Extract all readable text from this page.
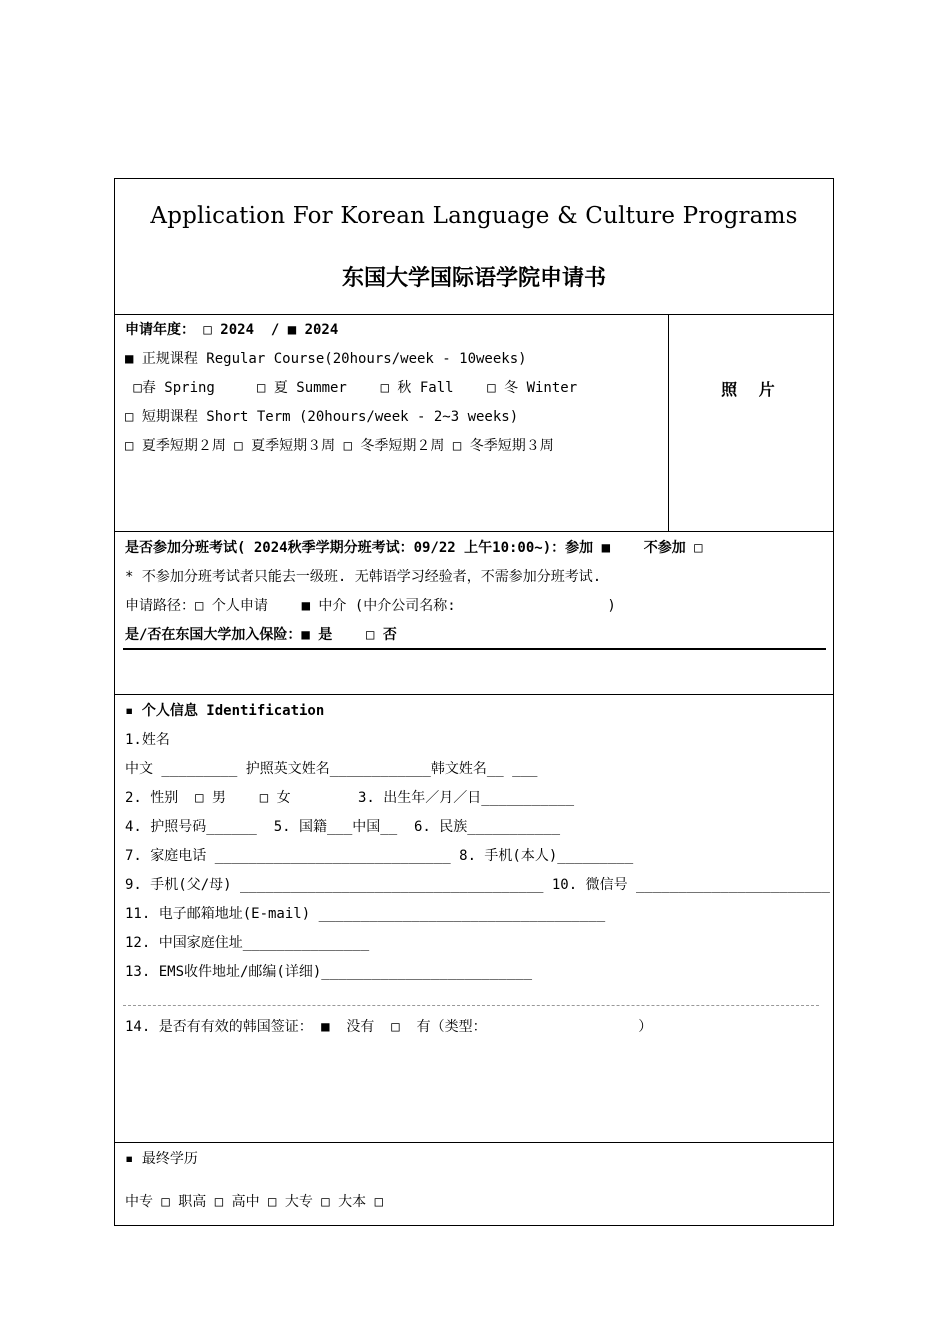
Application For Korean Language & Culture Programs
东国大学国际语学院申请书
申请年度： □ 2024  / ■ 2024
■ 正规课程 Regular Course(20hours/week - 10weeks)
□春 Spring     □ 夏 Summer    □ 秋 Fall    □ 冬 Winter
□ 短期课程 Short Term (20hours/week - 2~3 weeks)
□ 夏季短期２周 □ 夏季短期３周 □ 冬季短期２周 □ 冬季短期３周
照 片
是否参加分班考试( 2024秋季学期分班考试：09/22 上午10:00~)：参加 ■    不参加 □
* 不参加分班考试者只能去一级班. 无韩语学习经验者，不需参加分班考试.
申请路径：□ 个人申请    ■ 中介 (中介公司名称:                  )
是/否在东国大学加入保险：■ 是    □ 否
▪ 个人信息 Identification
1.姓名
中文 _________ 护照英文姓名____________韩文姓名__ ___
2. 性别  □ 男    □ 女        3. 出生年／月／日___________
4. 护照号码______  5. 国籍___中国__  6. 民族___________
7. 家庭电话 ____________________________ 8. 手机(本人)_________
9. 手机(父/母) ____________________________________ 10. 微信号 _______________________
11. 电子邮箱地址(E-mail) __________________________________
12. 中国家庭住址_______________
13. EMS收件地址/邮编(详细)_________________________
14. 是否有有效的韩国签证： ■  没有  □  有（类型：                  ）
▪ 最终学历
中专 □ 职高 □ 高中 □ 大专 □ 大本 □
